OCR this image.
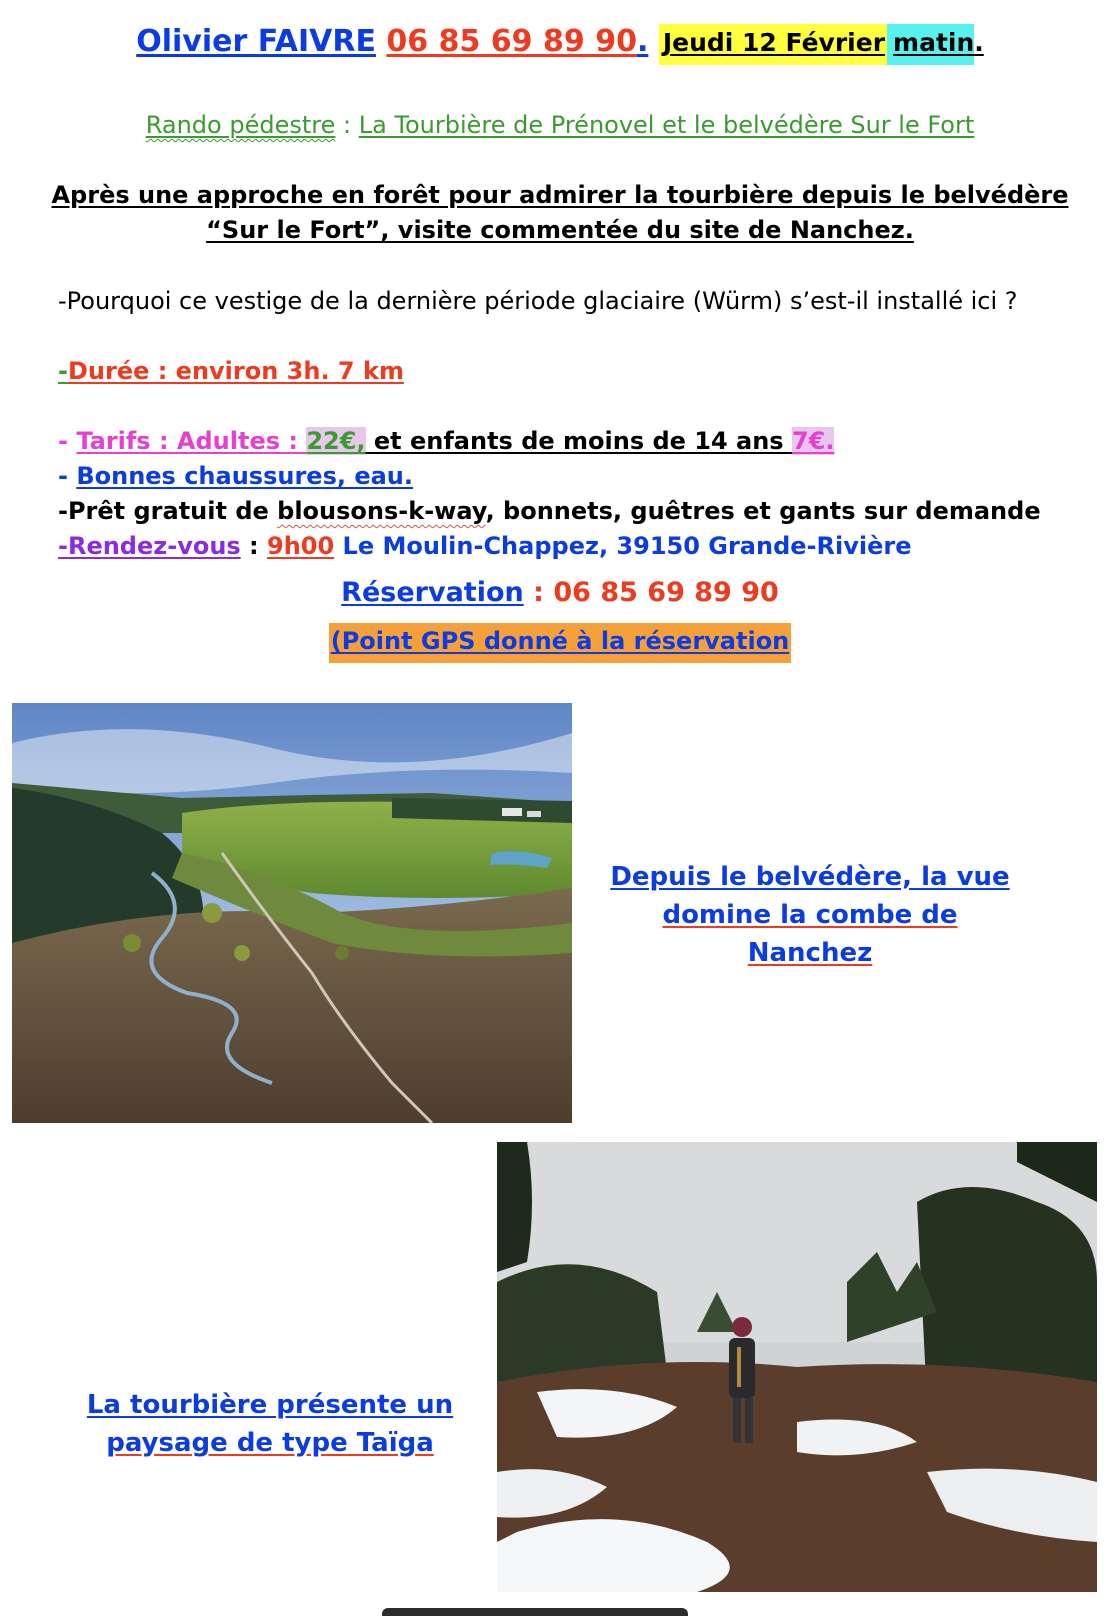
Olivier FAIVRE 06 85 69 89 90. Jeudi 12 Février matin.
Rando pédestre : La Tourbière de Prénovel et le belvédère Sur le Fort
Après une approche en forêt pour admirer la tourbière depuis le belvédère
“Sur le Fort”, visite commentée du site de Nanchez.
-Pourquoi ce vestige de la dernière période glaciaire (Würm) s’est-il installé ici ?
-Durée : environ 3h. 7 km
- Tarifs : Adultes : 22€, et enfants de moins de 14 ans 7€.
- Bonnes chaussures, eau.
-Prêt gratuit de blousons-k-way, bonnets, guêtres et gants sur demande
-Rendez-vous : 9h00 Le Moulin-Chappez, 39150 Grande-Rivière
Réservation : 06 85 69 89 90
(Point GPS donné à la réservation
Depuis le belvédère, la vue
domine la combe de Nanchez
La tourbière présente un
paysage de type Taïga
